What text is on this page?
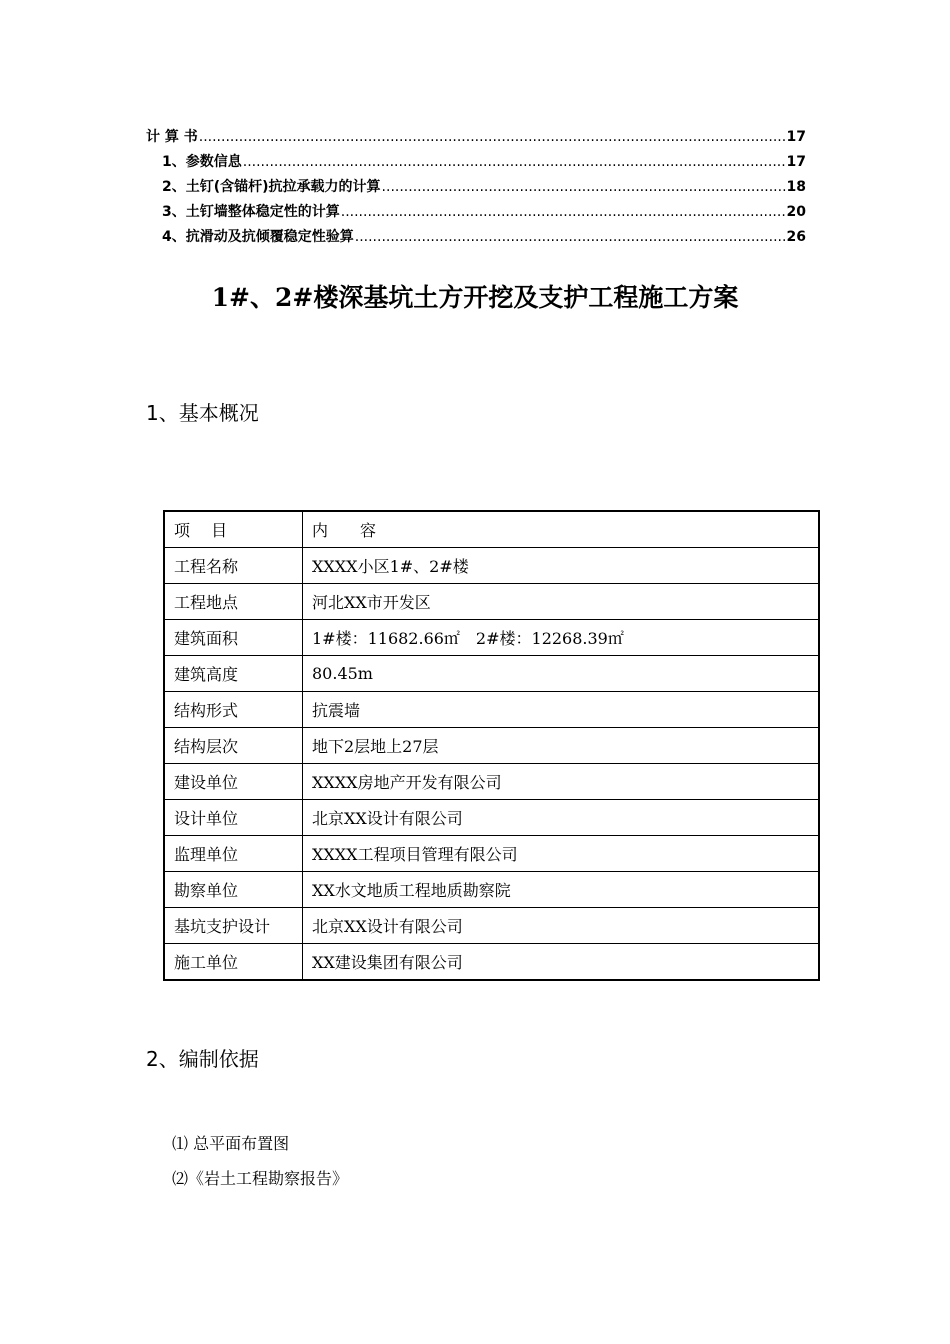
计 算 书 .....	17
1、参数信息 .....	17
2、土钉(含锚杆)抗拉承载力的计算 .....	18
3、土钉墙整体稳定性的计算 .....	20
4、抗滑动及抗倾覆稳定性验算 .....	26
1#、2#楼深基坑土方开挖及支护工程施工方案
1、基本概况
项　 目	内　　容
工程名称	XXXX小区1#、2#楼
工程地点	河北XX市开发区
建筑面积	1#楼：11682.66㎡　2#楼：12268.39㎡
建筑高度	80.45m
结构形式	抗震墙
结构层次	地下2层地上27层
建设单位	XXXX房地产开发有限公司
设计单位	北京XX设计有限公司
监理单位	XXXX工程项目管理有限公司
勘察单位	XX水文地质工程地质勘察院
基坑支护设计	北京XX设计有限公司
施工单位	XX建设集团有限公司
2、编制依据
⑴ 总平面布置图
⑵《岩土工程勘察报告》
